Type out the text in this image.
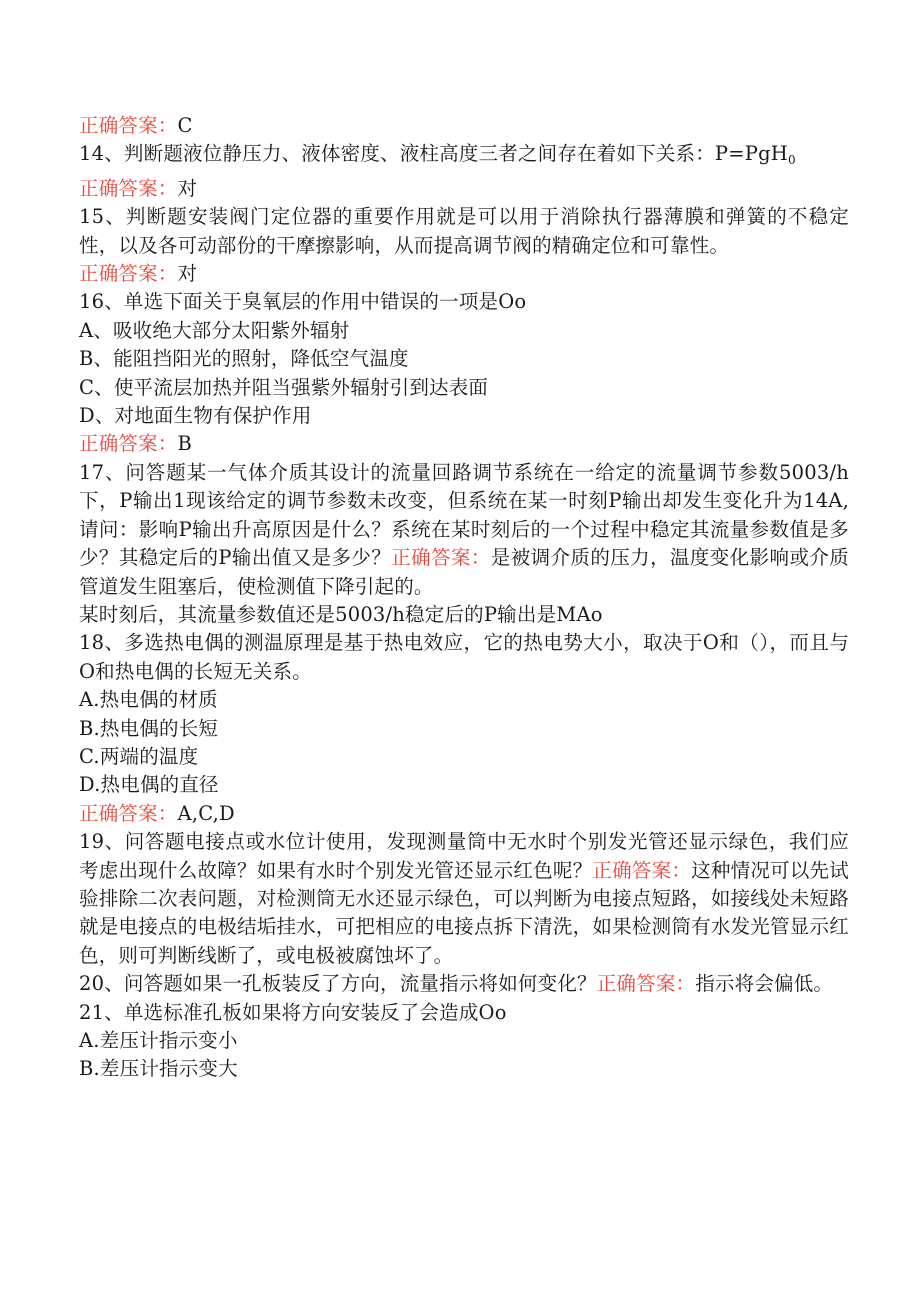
正确答案：C
14、判断题液位静压力、液体密度、液柱高度三者之间存在着如下关系：P=PgH$_0$
正确答案：对
15、判断题安装阀门定位器的重要作用就是可以用于消除执行器薄膜和弹簧的不稳定性，以及各可动部份的干摩擦影响，从而提高调节阀的精确定位和可靠性。
正确答案：对
16、单选下面关于臭氧层的作用中错误的一项是Oo
A、吸收绝大部分太阳紫外辐射
B、能阻挡阳光的照射，降低空气温度
C、使平流层加热并阻当强紫外辐射引到达表面
D、对地面生物有保护作用
正确答案：B
17、问答题某一气体介质其设计的流量回路调节系统在一给定的流量调节参数5003/h下，P输出1现该给定的调节参数未改变，但系统在某一时刻P输出却发生变化升为14A,请问：影响P输出升高原因是什么？系统在某时刻后的一个过程中稳定其流量参数值是多少？其稳定后的P输出值又是多少？正确答案：是被调介质的压力，温度变化影响或介质管道发生阻塞后，使检测值下降引起的。
某时刻后，其流量参数值还是5003/h稳定后的P输出是MAo
18、多选热电偶的测温原理是基于热电效应，它的热电势大小，取决于O和（），而且与O和热电偶的长短无关系。
A.热电偶的材质
B.热电偶的长短
C.两端的温度
D.热电偶的直径
正确答案：A,C,D
19、问答题电接点或水位计使用，发现测量筒中无水时个别发光管还显示绿色，我们应考虑出现什么故障？如果有水时个别发光管还显示红色呢？正确答案：这种情况可以先试验排除二次表问题，对检测筒无水还显示绿色，可以判断为电接点短路，如接线处未短路就是电接点的电极结垢挂水，可把相应的电接点拆下清洗，如果检测筒有水发光管显示红色，则可判断线断了，或电极被腐蚀坏了。
20、问答题如果一孔板装反了方向，流量指示将如何变化？正确答案：指示将会偏低。
21、单选标准孔板如果将方向安装反了会造成Oo
A.差压计指示变小
B.差压计指示变大
